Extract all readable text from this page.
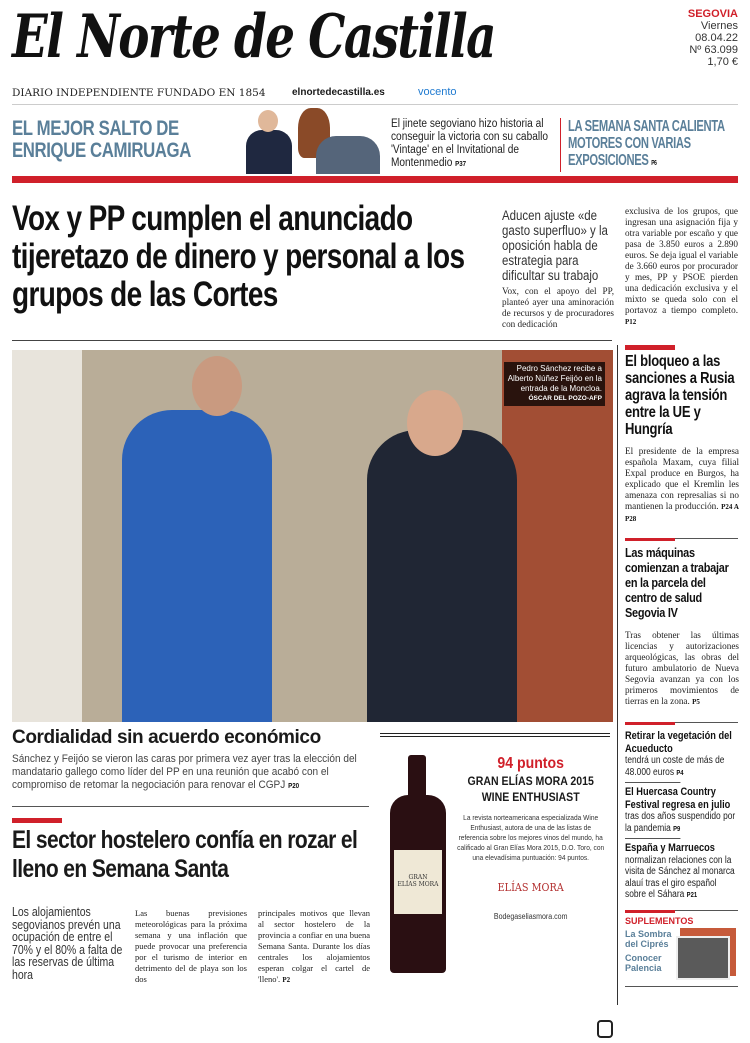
El Norte de Castilla	SEGOVIA
Viernes
08.04.22
Nº 63.099
1,70 €
DIARIO INDEPENDIENTE FUNDADO EN 1854	elnortedecastilla.es	vocento
EL MEJOR SALTO DE ENRIQUE CAMIRUAGA
El jinete segoviano hizo historia al conseguir la victoria con su caballo 'Vintage' en el Invitational de Montenmedio P37
LA SEMANA SANTA CALIENTA MOTORES CON VARIAS EXPOSICIONES P6
Vox y PP cumplen el anunciado tijeretazo de dinero y personal a los grupos de las Cortes
Aducen ajuste «de gasto superfluo» y la oposición habla de estrategia para dificultar su trabajo
Vox, con el apoyo del PP, planteó ayer una aminoración de recursos y de procuradores con dedicación
exclusiva de los grupos, que ingresan una asignación fija y otra variable por escaño y que pasa de 3.850 euros a 2.890 euros. Se deja igual el variable de 3.660 euros por procurador y mes, PP y PSOE pierden una dedicación exclusiva y el mixto se queda solo con el portavoz a tiempo completo. P12
Pedro Sánchez recibe a Alberto Núñez Feijóo en la entrada de la Moncloa.
ÓSCAR DEL POZO-AFP
Cordialidad sin acuerdo económico
Sánchez y Feijóo se vieron las caras por primera vez ayer tras la elección del mandatario gallego como líder del PP en una reunión que acabó con el compromiso de retomar la negociación para renovar el CGPJ P20
El sector hostelero confía en rozar el lleno en Semana Santa
Los alojamientos segovianos prevén una ocupación de entre el 70% y el 80% a falta de las reservas de última hora
Las buenas previsiones meteorológicas para la próxima semana y una inflación que puede provocar una preferencia por el turismo de interior en detrimento del de playa son los dos
principales motivos que llevan al sector hostelero de la provincia a confiar en una buena Semana Santa. Durante los días centrales los alojamientos esperan colgar el cartel de 'lleno'. P2
GRAN
ELÍAS MORA
94 puntos
GRAN ELÍAS MORA 2015
WINE ENTHUSIAST
La revista norteamericana especializada Wine Enthusiast, autora de una de las listas de referencia sobre los mejores vinos del mundo, ha calificado al Gran Elías Mora 2015, D.O. Toro, con una elevadísima puntuación: 94 puntos.
ELÍAS MORA
Bodegaseliasmora.com
El bloqueo a las sanciones a Rusia agrava la tensión entre la UE y Hungría
El presidente de la empresa española Maxam, cuya filial Expal produce en Burgos, ha explicado que el Kremlin les amenaza con represalias si no mantienen la producción. P24 A P28
Las máquinas comienzan a trabajar en la parcela del centro de salud Segovia IV
Tras obtener las últimas licencias y autorizaciones arqueológicas, las obras del futuro ambulatorio de Nueva Segovia avanzan ya con los primeros movimientos de tierras en la zona. P5
Retirar la vegetación del Acueducto
tendrá un coste de más de 48.000 euros P4
El Huercasa Country Festival regresa en julio
tras dos años suspendido por la pandemia P9
España y Marruecos
normalizan relaciones con la visita de Sánchez al monarca alauí tras el giro español sobre el Sáhara P21
SUPLEMENTOS
La Sombra del Ciprés
Conocer Palencia
